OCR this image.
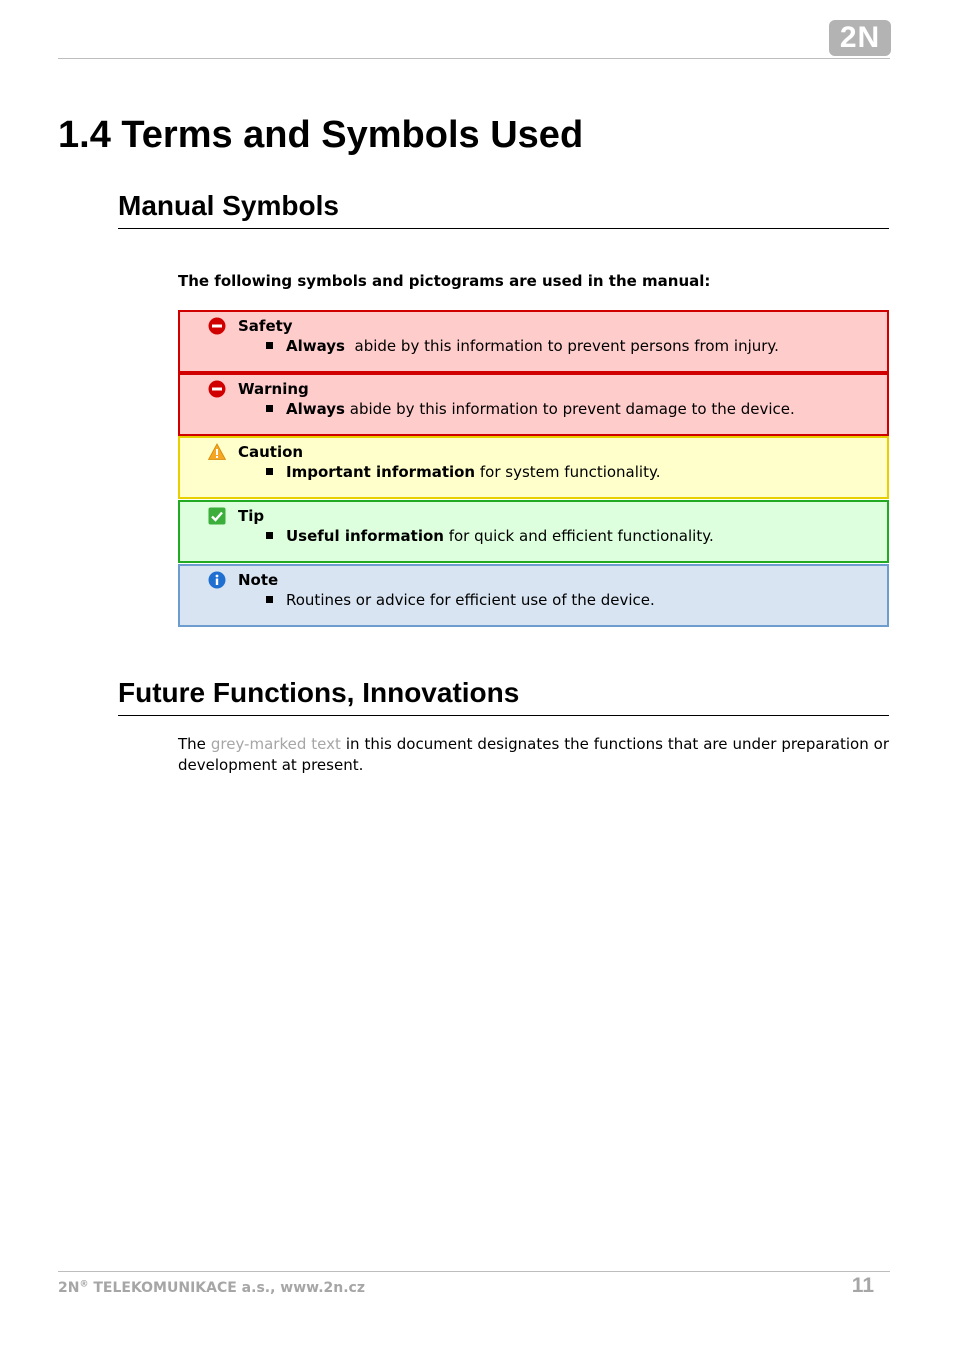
2N
1.4 Terms and Symbols Used
Manual Symbols

The following symbols and pictograms are used in the manual:

Safety
Always  abide by this information to prevent persons from injury.
Warning
Always abide by this information to prevent damage to the device.
Caution
Important information for system functionality.
Tip
Useful information for quick and efficient functionality.
Note
Routines or advice for efficient use of the device.
Future Functions, Innovations

The grey-marked text in this document designates the functions that are under preparation or development at present.

2N® TELEKOMUNIKACE a.s., www.2n.cz	11
